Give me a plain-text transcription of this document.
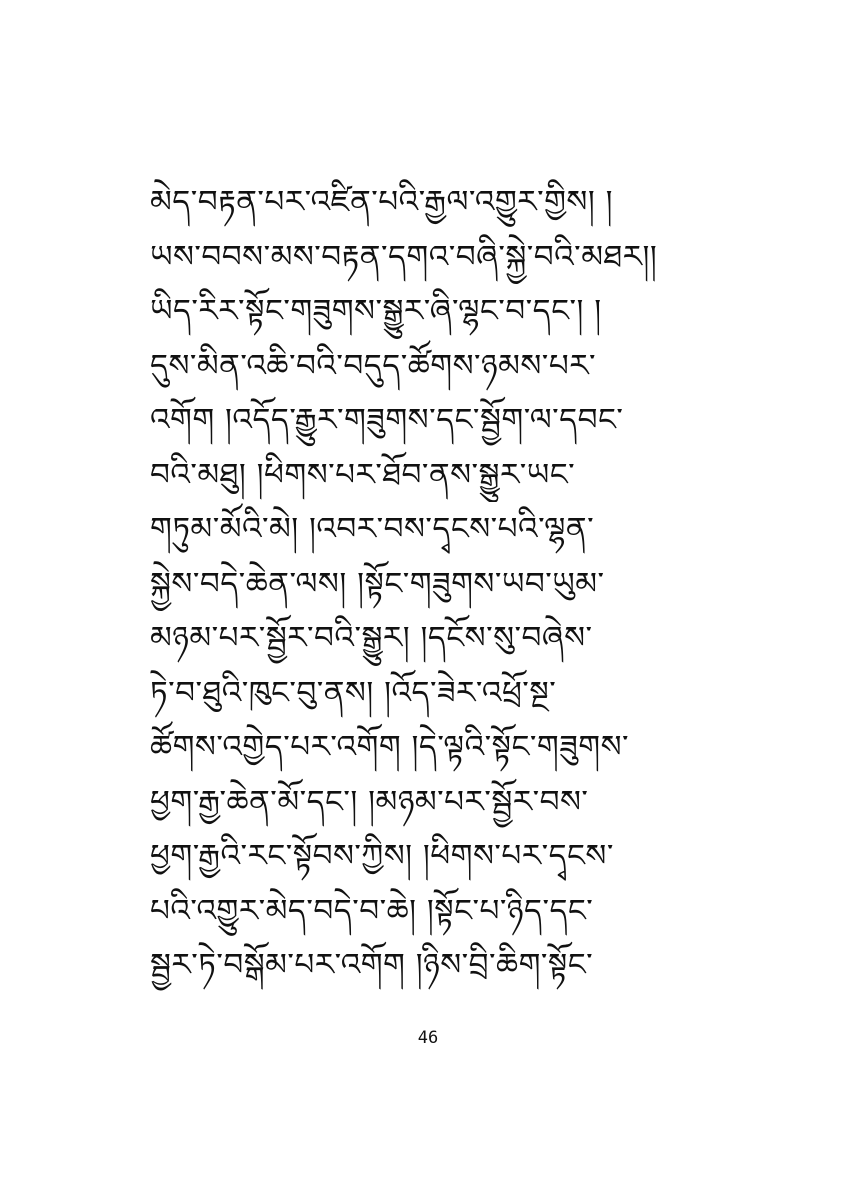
མེད་བརྟན་པར་འཛིན་པའི་རྒྱལ་འགྱུར་གྱིས། །
ཡས་བབས་མས་བརྟན་དགའ་བཞི་སྐྱེ་བའི་མཐར།།
ཡིད་རིར་སྟོང་གཟུགས་སྒྱུར་ཞི་ལྷང་བ་དང་། །
དུས་མིན་འཆི་བའི་བདུད་ཚོགས་ཉམས་པར་
འགོག །འདོད་རྒྱུར་གཟུགས་དང་སྦྱོག་ལ་དབང་
བའི་མཐུ། །ཕིགས་པར་ཐོབ་ནས་སྒྱུར་ཡང་
གཏུམ་མོའི་མེ། །འབར་བས་དྭངས་པའི་ལྷན་
སྐྱེས་བདེ་ཆེན་ལས། །སྟོང་གཟུགས་ཡབ་ཡུམ་
མཉམ་པར་སྦྱོར་བའི་སྒྱུར། །དངོས་སུ་བཞེས་
ཏེ་བ་ཐུའི་ཁུང་བུ་ནས། །འོད་ཟེར་འཕྲོ་སྔ་
ཚོགས་འགྱེད་པར་འགོག །དེ་ལྟའི་སྟོང་གཟུགས་
ཕྱག་རྒྱ་ཆེན་མོ་དང་། །མཉམ་པར་སྦྱོར་བས་
ཕྱག་རྒྱའི་རང་སྟོབས་ཀྱིས། །ཕིགས་པར་དྭངས་
པའི་འགྱུར་མེད་བདེ་བ་ཆེ། །སྟོང་པ་ཉིད་དང་
སྦྱར་ཏེ་བསྒོམ་པར་འགོག །ཉིས་བྲི་ཆིག་སྟོང་
46
